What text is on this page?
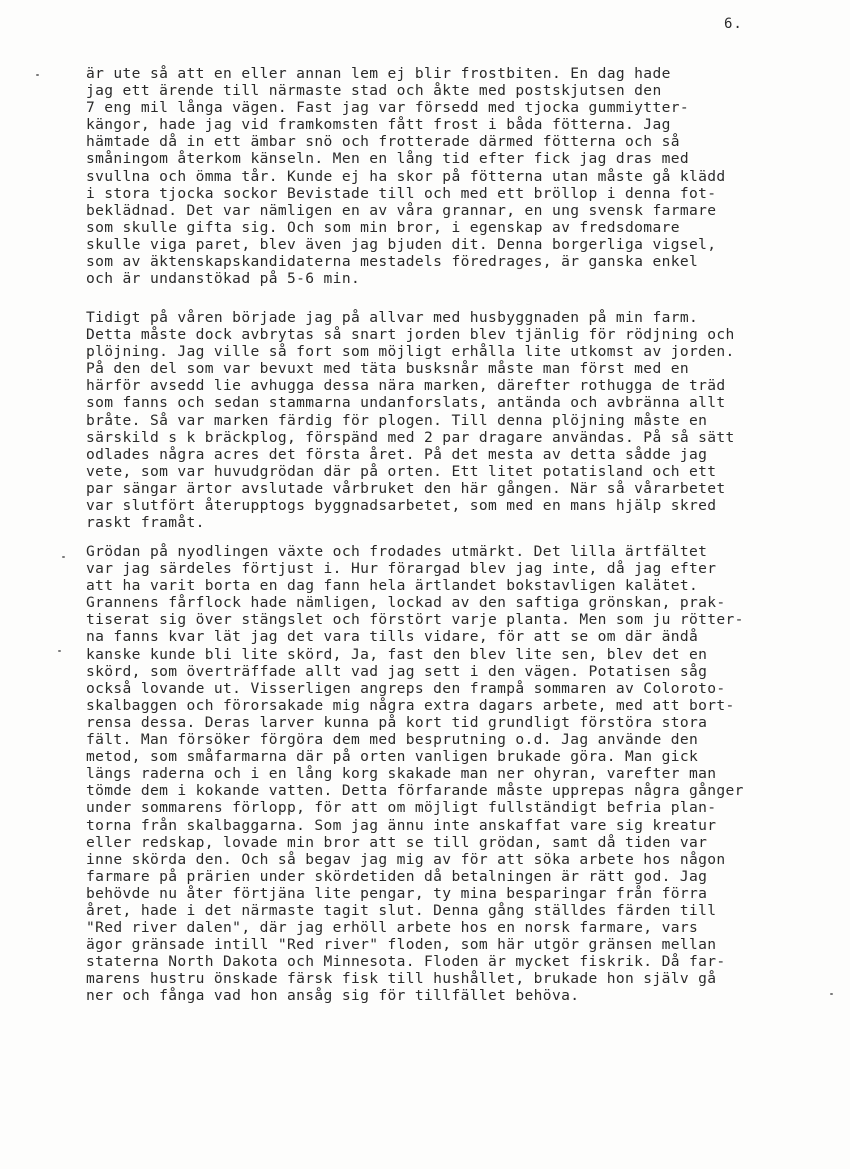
6.
är ute så att en eller annan lem ej blir frostbiten. En dag hade
jag ett ärende till närmaste stad och åkte med postskjutsen den
7 eng mil långa vägen. Fast jag var försedd med tjocka gummiytter-
kängor, hade jag vid framkomsten fått frost i båda fötterna. Jag
hämtade då in ett ämbar snö och frotterade därmed fötterna och så
småningom återkom känseln. Men en lång tid efter fick jag dras med
svullna och ömma tår. Kunde ej ha skor på fötterna utan måste gå klädd
i stora tjocka sockor Bevistade till och med ett bröllop i denna fot-
beklädnad. Det var nämligen en av våra grannar, en ung svensk farmare
som skulle gifta sig. Och som min bror, i egenskap av fredsdomare
skulle viga paret, blev även jag bjuden dit. Denna borgerliga vigsel,
som av äktenskapskandidaterna mestadels föredrages, är ganska enkel
och är undanstökad på 5-6 min.
Tidigt på våren började jag på allvar med husbyggnaden på min farm.
Detta måste dock avbrytas så snart jorden blev tjänlig för rödjning och
plöjning. Jag ville så fort som möjligt erhålla lite utkomst av jorden.
På den del som var bevuxt med täta busksnår måste man först med en
härför avsedd lie avhugga dessa nära marken, därefter rothugga de träd
som fanns och sedan stammarna undanforslats, antända och avbränna allt
bråte. Så var marken färdig för plogen. Till denna plöjning måste en
särskild s k bräckplog, förspänd med 2 par dragare användas. På så sätt
odlades några acres det första året. På det mesta av detta sådde jag
vete, som var huvudgrödan där på orten. Ett litet potatisland och ett
par sängar ärtor avslutade vårbruket den här gången. När så vårarbetet
var slutfört återupptogs byggnadsarbetet, som med en mans hjälp skred
raskt framåt.
Grödan på nyodlingen växte och frodades utmärkt. Det lilla ärtfältet
var jag särdeles förtjust i. Hur förargad blev jag inte, då jag efter
att ha varit borta en dag fann hela ärtlandet bokstavligen kalätet.
Grannens fårflock hade nämligen, lockad av den saftiga grönskan, prak-
tiserat sig över stängslet och förstört varje planta. Men som ju rötter-
na fanns kvar lät jag det vara tills vidare, för att se om där ändå
kanske kunde bli lite skörd, Ja, fast den blev lite sen, blev det en
skörd, som överträffade allt vad jag sett i den vägen. Potatisen såg
också lovande ut. Visserligen angreps den frampå sommaren av Coloroto-
skalbaggen och förorsakade mig några extra dagars arbete, med att bort-
rensa dessa. Deras larver kunna på kort tid grundligt förstöra stora
fält. Man försöker förgöra dem med besprutning o.d. Jag använde den
metod, som småfarmarna där på orten vanligen brukade göra. Man gick
längs raderna och i en lång korg skakade man ner ohyran, varefter man
tömde dem i kokande vatten. Detta förfarande måste upprepas några gånger
under sommarens förlopp, för att om möjligt fullständigt befria plan-
torna från skalbaggarna. Som jag ännu inte anskaffat vare sig kreatur
eller redskap, lovade min bror att se till grödan, samt då tiden var
inne skörda den. Och så begav jag mig av för att söka arbete hos någon
farmare på prärien under skördetiden då betalningen är rätt god. Jag
behövde nu åter förtjäna lite pengar, ty mina besparingar från förra
året, hade i det närmaste tagit slut. Denna gång ställdes färden till
"Red river dalen", där jag erhöll arbete hos en norsk farmare, vars
ägor gränsade intill "Red river" floden, som här utgör gränsen mellan
staterna North Dakota och Minnesota. Floden är mycket fiskrik. Då far-
marens hustru önskade färsk fisk till hushållet, brukade hon själv gå
ner och fånga vad hon ansåg sig för tillfället behöva.
